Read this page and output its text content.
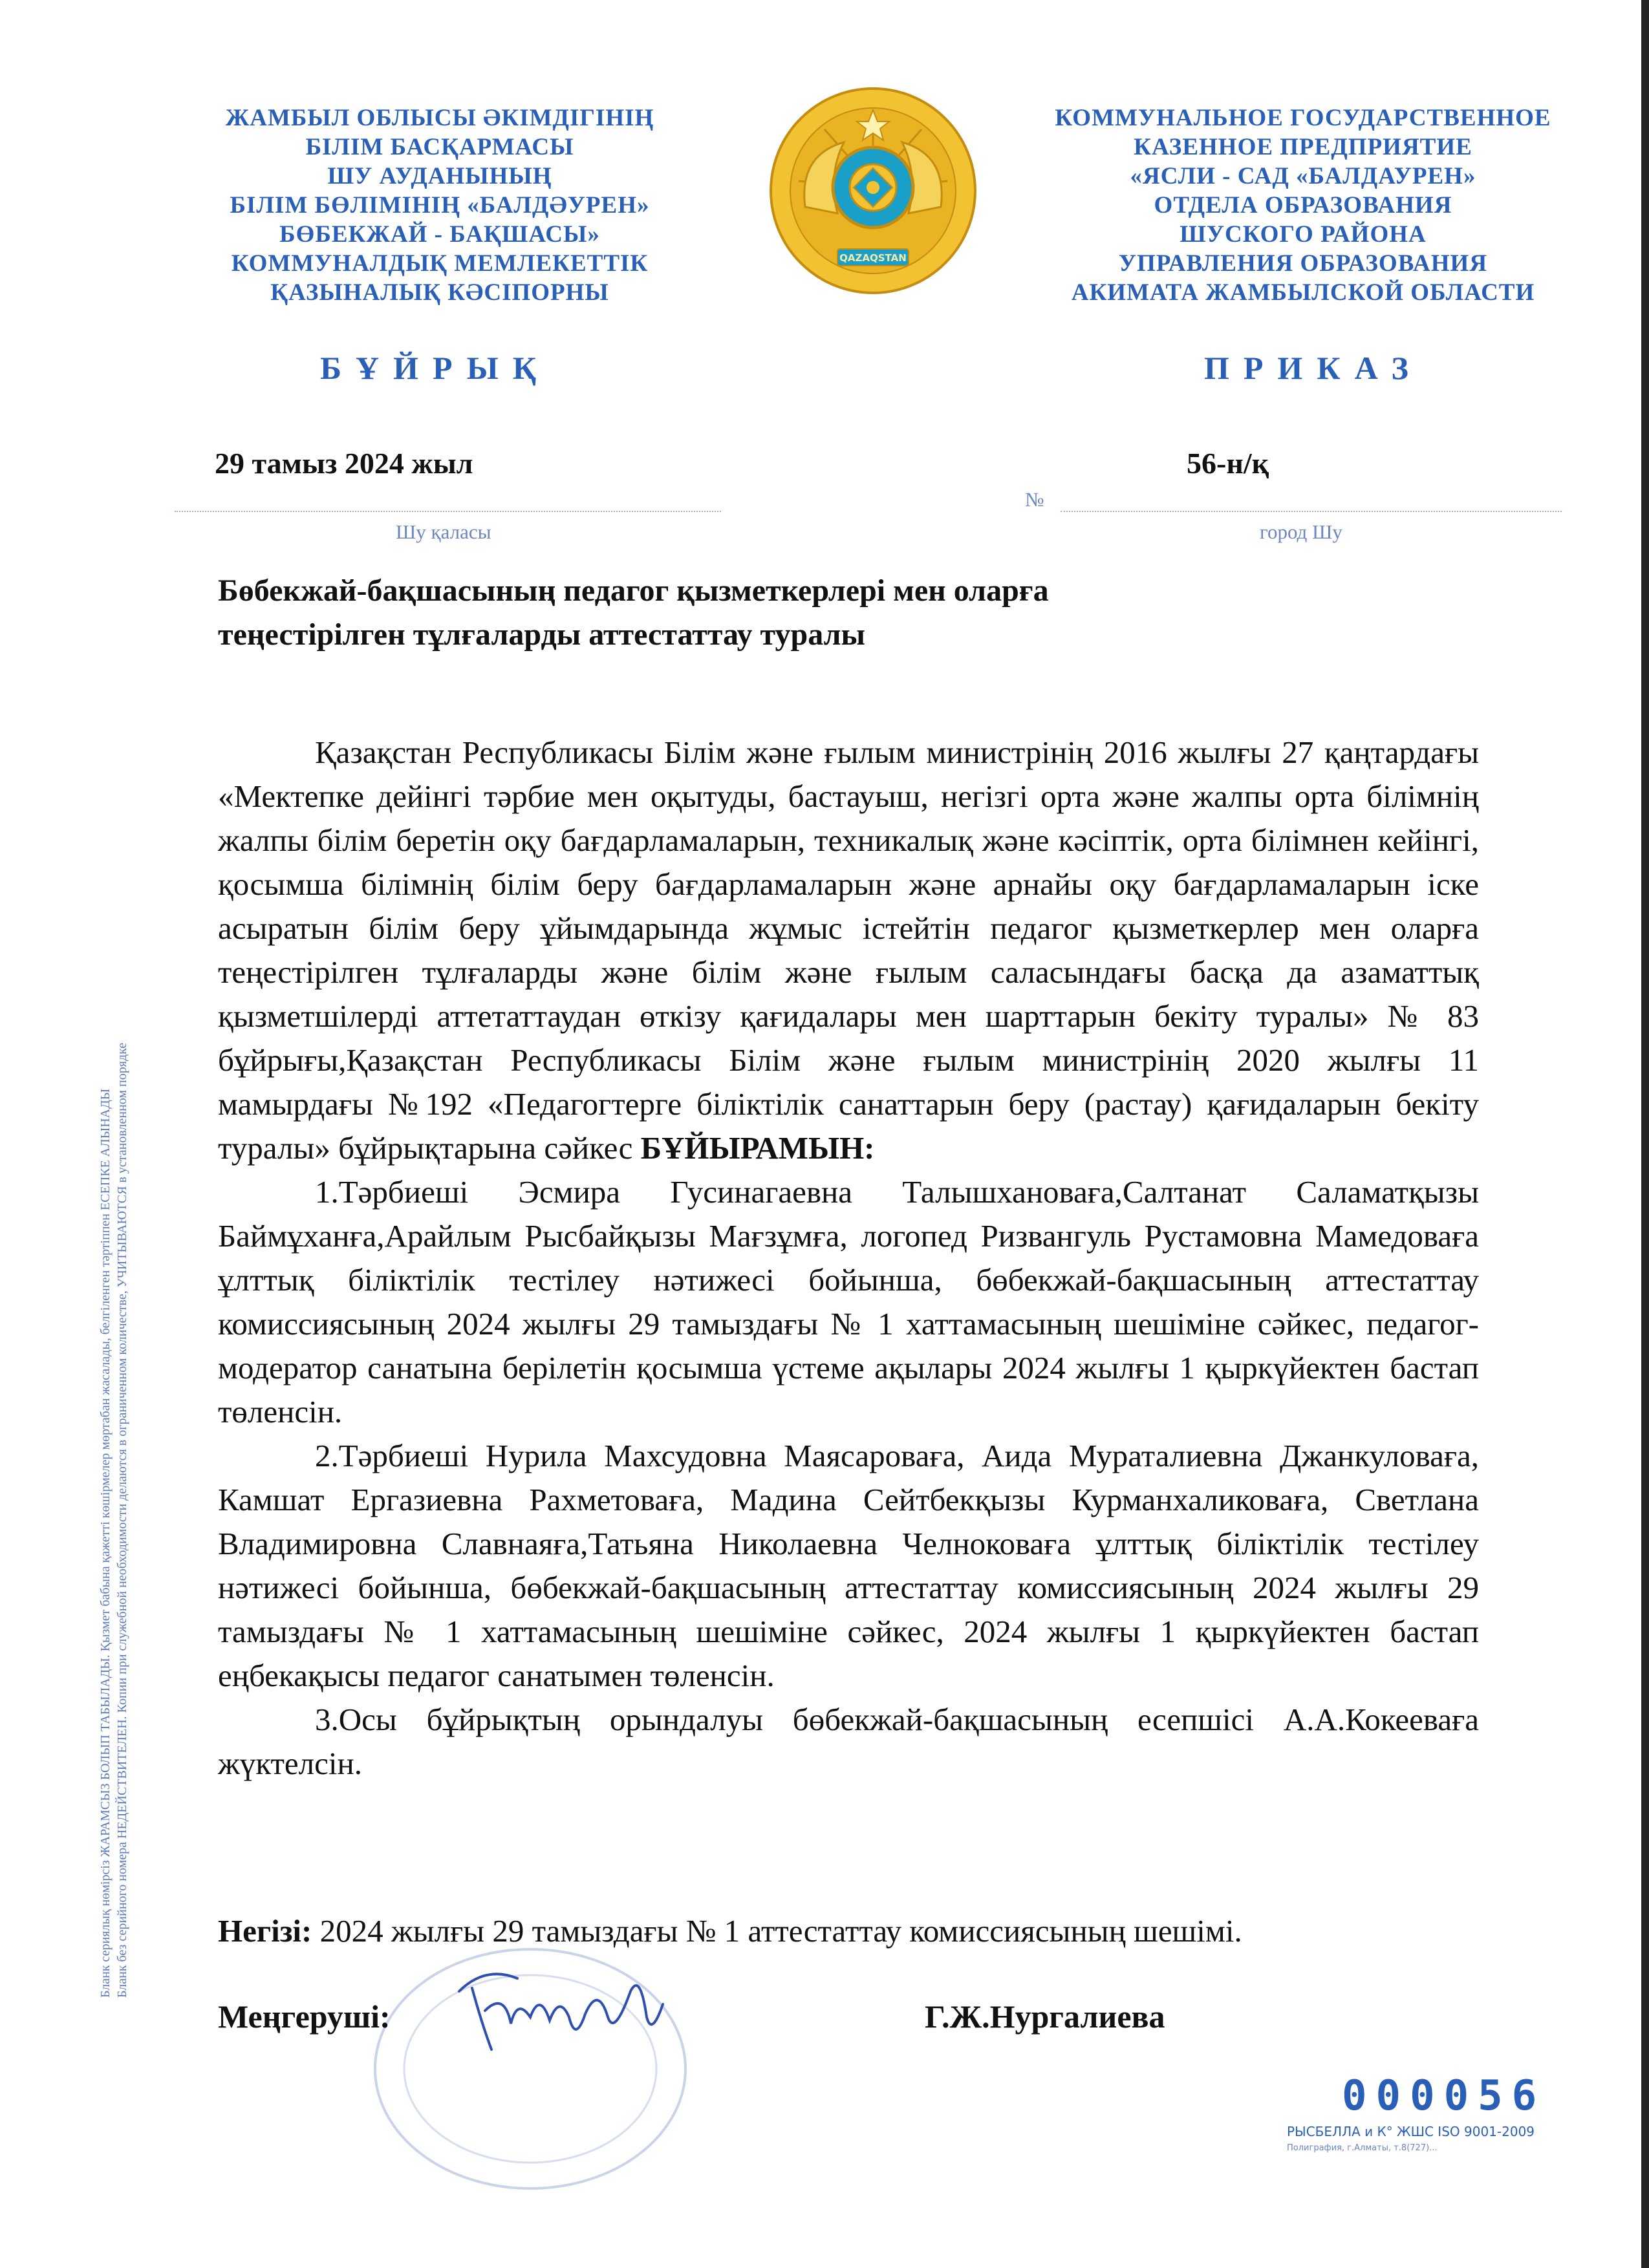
ЖАМБЫЛ ОБЛЫСЫ ӘКІМДІГІНІҢ
БІЛІМ БАСҚАРМАСЫ
ШУ АУДАНЫНЫҢ
БІЛІМ БӨЛІМІНІҢ «БАЛДӘУРЕН»
БӨБЕКЖАЙ - БАҚШАСЫ»
КОММУНАЛДЫҚ МЕМЛЕКЕТТІК
ҚАЗЫНАЛЫҚ КӘСІПОРНЫ
QAZAQSTAN
КОММУНАЛЬНОЕ ГОСУДАРСТВЕННОЕ
КАЗЕННОЕ ПРЕДПРИЯТИЕ
«ЯСЛИ - САД «БАЛДАУРЕН»
ОТДЕЛА ОБРАЗОВАНИЯ
ШУСКОГО РАЙОНА
УПРАВЛЕНИЯ ОБРАЗОВАНИЯ
АКИМАТА ЖАМБЫЛСКОЙ ОБЛАСТИ
БҰЙРЫҚ	ПРИКАЗ
29 тамыз 2024 жыл	56-н/қ
№
Шу қаласы	город Шу
Бөбекжай-бақшасының педагог қызметкерлері мен оларға
теңестірілген тұлғаларды аттестаттау туралы

Қазақстан Республикасы Білім және ғылым министрінің 2016 жылғы 27 қаңтардағы «Мектепке дейінгі тәрбие мен оқытуды, бастауыш, негізгі орта және жалпы орта білімнің жалпы білім беретін оқу бағдарламаларын, техникалық және кәсіптік, орта білімнен кейінгі, қосымша білімнің білім беру бағдарламаларын және арнайы оқу бағдарламаларын іске асыратын білім беру ұйымдарында жұмыс істейтін педагог қызметкерлер мен оларға теңестірілген тұлғаларды және білім және ғылым саласындағы басқа да азаматтық қызметшілерді аттетаттаудан өткізу қағидалары мен шарттарын бекіту туралы» № 83 бұйрығы,Қазақстан Республикасы Білім және ғылым министрінің 2020 жылғы 11 мамырдағы №192 «Педагогтерге біліктілік санаттарын беру (растау) қағидаларын бекіту туралы» бұйрықтарына сәйкес БҰЙЫРАМЫН:

1.Тәрбиеші Эсмира Гусинагаевна Талышхановаға,Салтанат Саламатқызы Баймұханға,Арайлым Рысбайқызы Мағзұмға, логопед Ризвангуль Рустамовна Мамедоваға ұлттық біліктілік тестілеу нәтижесі бойынша, бөбекжай-бақшасының аттестаттау комиссиясының 2024 жылғы 29 тамыздағы № 1 хаттамасының шешіміне сәйкес, педагог-модератор санатына берілетін қосымша үстеме ақылары 2024 жылғы 1 қыркүйектен бастап төленсін.

2.Тәрбиеші Нурила Махсудовна Маясароваға, Аида Мураталиевна Джанкуловаға, Камшат Ергазиевна Рахметоваға, Мадина Сейтбекқызы Курманхаликоваға, Светлана Владимировна Славнаяға,Татьяна Николаевна Челноковаға ұлттық біліктілік тестілеу нәтижесі бойынша, бөбекжай-бақшасының аттестаттау комиссиясының 2024 жылғы 29 тамыздағы № 1 хаттамасының шешіміне сәйкес, 2024 жылғы 1 қыркүйектен бастап еңбекақысы педагог санатымен төленсін.

3.Осы бұйрықтың орындалуы бөбекжай-бақшасының есепшісі А.А.Кокееваға жүктелсін.

Негізі: 2024 жылғы 29 тамыздағы № 1 аттестаттау комиссиясының шешімі.
Меңгеруші:	Г.Ж.Нургалиева
Бланк сериялық нөмірсіз ЖАРАМСЫЗ БОЛЫП ТАБЫЛАДЫ. Қызмет бабына қажетті көшірмелер мөртабан жасалады, белгіленген тәртіппен ЕСЕПКЕ АЛЫНАДЫ Бланк без серийного номера НЕДЕЙСТВИТЕЛЕН. Копии при служебной необходимости делаются в ограниченном количестве, УЧИТЫВАЮТСЯ в установленном порядке
000056
РЫСБЕЛЛА и К° ЖШС ISO 9001-2009
Полиграфия, г.Алматы, т.8(727)...
